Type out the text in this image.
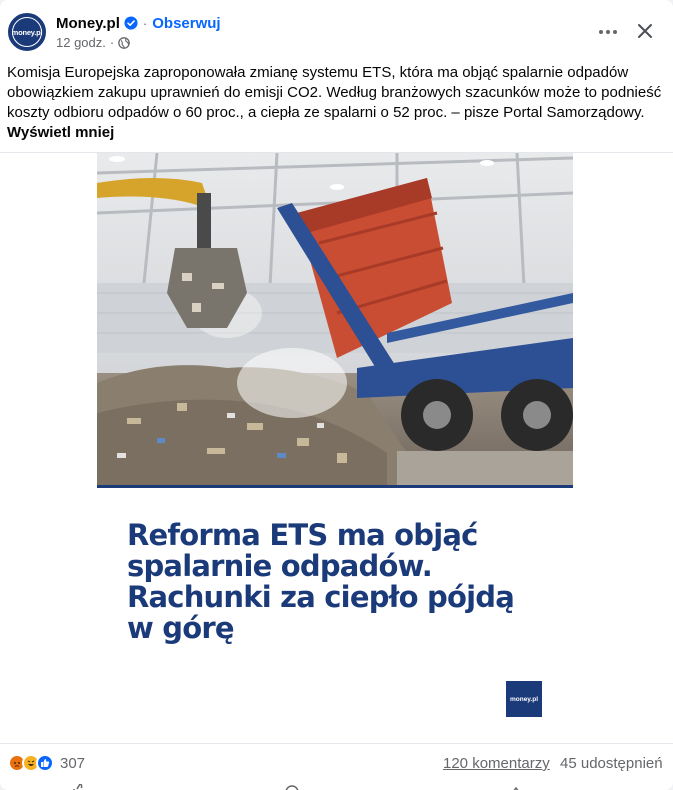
money.pl
Money.pl · Obserwuj
12 godz. ·
Komisja Europejska zaproponowała zmianę systemu ETS, która ma objąć spalarnie odpadów obowiązkiem zakupu uprawnień do emisji CO2. Według branżowych szacunków może to podnieść koszty odbioru odpadów o 60 proc., a ciepła ze spalarni o 52 proc. – pisze Portal Samorządowy.
Wyświetl mniej
Reforma ETS ma objąć
spalarnie odpadów.
Rachunki za ciepło pójdą
w górę
money.pl
307	120 komentarzy 45 udostępnień
